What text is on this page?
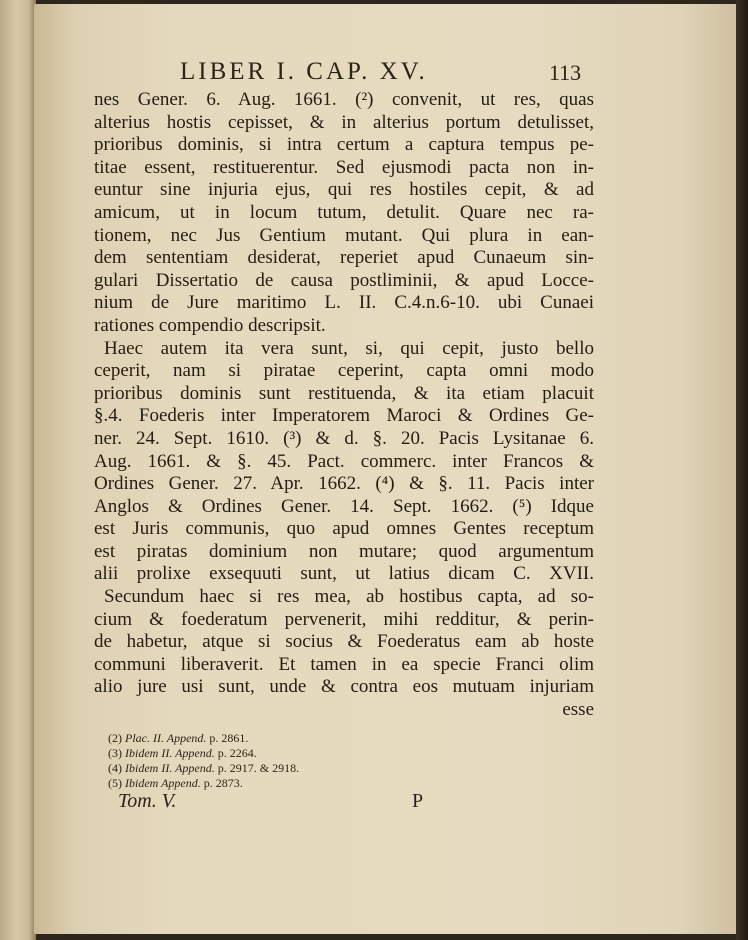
LIBER I. CAP. XV.	113
nes Gener. 6. Aug. 1661. (²) convenit, ut res, quas
alterius hostis cepisset, & in alterius portum detulisset,
prioribus dominis, si intra certum a captura tempus pe-
titae essent, restituerentur. Sed ejusmodi pacta non in-
euntur sine injuria ejus, qui res hostiles cepit, & ad
amicum, ut in locum tutum, detulit. Quare nec ra-
tionem, nec Jus Gentium mutant. Qui plura in ean-
dem sententiam desiderat, reperiet apud Cunaeum sin-
gulari Dissertatio de causa postliminii, & apud Locce-
nium de Jure maritimo L. II. C.4.n.6-10. ubi Cunaei
rationes compendio descripsit.
Haec autem ita vera sunt, si, qui cepit, justo bello
ceperit, nam si piratae ceperint, capta omni modo
prioribus dominis sunt restituenda, & ita etiam placuit
§.4. Foederis inter Imperatorem Maroci & Ordines Ge-
ner. 24. Sept. 1610. (³) & d. §. 20. Pacis Lysitanae 6.
Aug. 1661. & §. 45. Pact. commerc. inter Francos &
Ordines Gener. 27. Apr. 1662. (⁴) & §. 11. Pacis inter
Anglos & Ordines Gener. 14. Sept. 1662. (⁵) Idque
est Juris communis, quo apud omnes Gentes receptum
est piratas dominium non mutare; quod argumentum
alii prolixe exsequuti sunt, ut latius dicam C. XVII.
Secundum haec si res mea, ab hostibus capta, ad so-
cium & foederatum pervenerit, mihi redditur, & perin-
de habetur, atque si socius & Foederatus eam ab hoste
communi liberaverit. Et tamen in ea specie Franci olim
alio jure usi sunt, unde & contra eos mutuam injuriam
esse
(2) Plac. II. Append. p. 2861.
(3) Ibidem II. Append. p. 2264.
(4) Ibidem II. Append. p. 2917. & 2918.
(5) Ibidem Append. p. 2873.
Tom. V.	P
